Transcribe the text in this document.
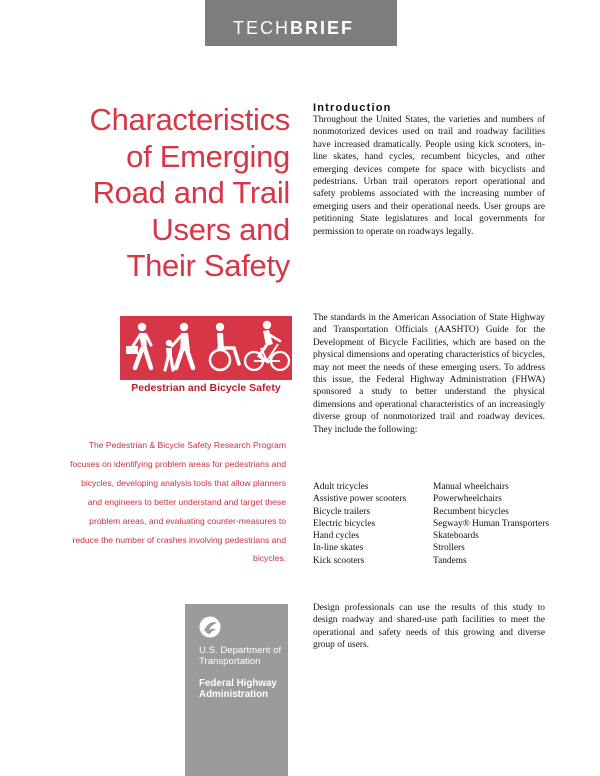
TECHBRIEF
Characteristics
of Emerging
Road and Trail
Users and
Their Safety
Pedestrian and Bicycle Safety

The Pedestrian & Bicycle Safety Research Program focuses on identifying problem areas for pedestrians and bicycles, developing analysis tools that allow planners and engineers to better understand and target these problem areas, and evaluating counter-measures to reduce the number of crashes involving pedestrians and bicycles.

U.S. Department of Transportation

Federal Highway Administration

Introduction

Throughout the United States, the varieties and numbers of nonmotorized devices used on trail and roadway facilities have increased dramatically. People using kick scooters, in-line skates, hand cycles, recumbent bicycles, and other emerging devices compete for space with bicyclists and pedestrians. Urban trail operators report operational and safety problems associated with the increasing number of emerging users and their operational needs. User groups are petitioning State legislatures and local governments for permission to operate on roadways legally.

The standards in the American Association of State Highway and Transportation Officials (AASHTO) Guide for the Development of Bicycle Facilities, which are based on the physical dimensions and operating characteristics of bicycles, may not meet the needs of these emerging users. To address this issue, the Federal Highway Administration (FHWA) sponsored a study to better understand the physical dimensions and operational characteristics of an increasingly diverse group of nonmotorized trail and roadway devices. They include the following:

Adult tricycles
Assistive power scooters
Bicycle trailers
Electric bicycles
Hand cycles
In-line skates
Kick scooters
Manual wheelchairs
Powerwheelchairs
Recumbent bicycles
Segway® Human Transporters
Skateboards
Strollers
Tandems

Design professionals can use the results of this study to design roadway and shared-use path facilities to meet the operational and safety needs of this growing and diverse group of users.
